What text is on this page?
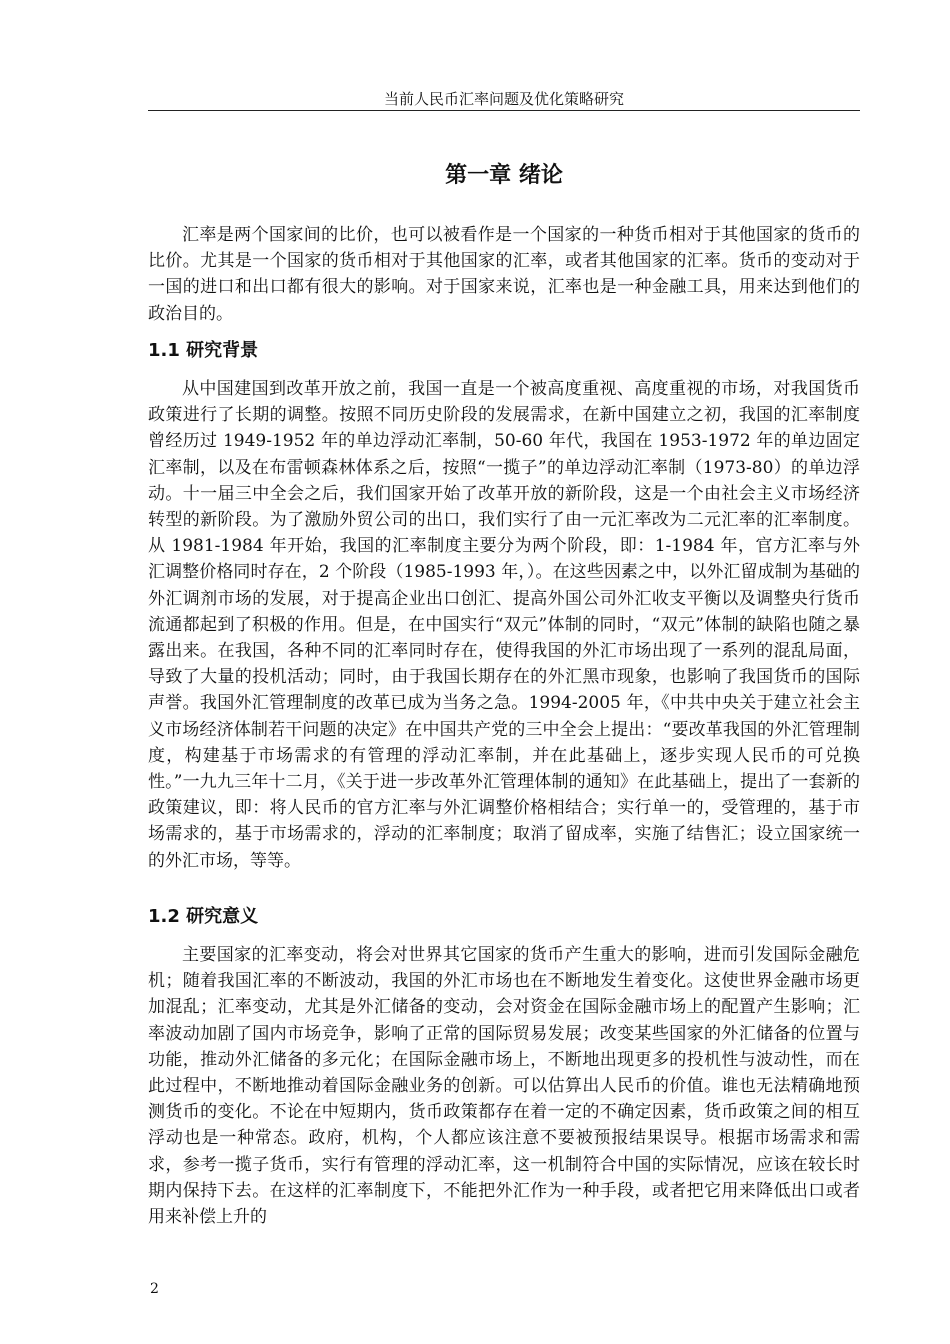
当前人民币汇率问题及优化策略研究
第一章 绪论

汇率是两个国家间的比价，也可以被看作是一个国家的一种货币相对于其他国家的货币的比价。尤其是一个国家的货币相对于其他国家的汇率，或者其他国家的汇率。货币的变动对于一国的进口和出口都有很大的影响。对于国家来说，汇率也是一种金融工具，用来达到他们的政治目的。

1.1 研究背景

从中国建国到改革开放之前，我国一直是一个被高度重视、高度重视的市场，对我国货币政策进行了长期的调整。按照不同历史阶段的发展需求，在新中国建立之初，我国的汇率制度曾经历过 1949-1952 年的单边浮动汇率制，50-60 年代，我国在 1953-1972 年的单边固定汇率制，以及在布雷顿森林体系之后，按照“一揽子”的单边浮动汇率制（1973-80）的单边浮动。十一届三中全会之后，我们国家开始了改革开放的新阶段，这是一个由社会主义市场经济转型的新阶段。为了激励外贸公司的出口，我们实行了由一元汇率改为二元汇率的汇率制度。从 1981-1984 年开始，我国的汇率制度主要分为两个阶段，即：1-1984 年，官方汇率与外汇调整价格同时存在，2 个阶段（1985-1993 年，）。在这些因素之中，以外汇留成制为基础的外汇调剂市场的发展，对于提高企业出口创汇、提高外国公司外汇收支平衡以及调整央行货币流通都起到了积极的作用。但是，在中国实行“双元”体制的同时，“双元”体制的缺陷也随之暴露出来。在我国，各种不同的汇率同时存在，使得我国的外汇市场出现了一系列的混乱局面，导致了大量的投机活动；同时，由于我国长期存在的外汇黑市现象，也影响了我国货币的国际声誉。我国外汇管理制度的改革已成为当务之急。1994-2005 年，《中共中央关于建立社会主义市场经济体制若干问题的决定》在中国共产党的三中全会上提出：“要改革我国的外汇管理制度，构建基于市场需求的有管理的浮动汇率制，并在此基础上，逐步实现人民币的可兑换性。”一九九三年十二月，《关于进一步改革外汇管理体制的通知》在此基础上，提出了一套新的政策建议，即：将人民币的官方汇率与外汇调整价格相结合；实行单一的，受管理的，基于市场需求的，基于市场需求的，浮动的汇率制度；取消了留成率，实施了结售汇；设立国家统一的外汇市场，等等。

1.2 研究意义

主要国家的汇率变动，将会对世界其它国家的货币产生重大的影响，进而引发国际金融危机；随着我国汇率的不断波动，我国的外汇市场也在不断地发生着变化。这使世界金融市场更加混乱；汇率变动，尤其是外汇储备的变动，会对资金在国际金融市场上的配置产生影响；汇率波动加剧了国内市场竞争，影响了正常的国际贸易发展；改变某些国家的外汇储备的位置与功能，推动外汇储备的多元化；在国际金融市场上，不断地出现更多的投机性与波动性，而在此过程中，不断地推动着国际金融业务的创新。可以估算出人民币的价值。谁也无法精确地预测货币的变化。不论在中短期内，货币政策都存在着一定的不确定因素，货币政策之间的相互浮动也是一种常态。政府，机构，个人都应该注意不要被预报结果误导。根据市场需求和需求，参考一揽子货币，实行有管理的浮动汇率，这一机制符合中国的实际情况，应该在较长时期内保持下去。在这样的汇率制度下，不能把外汇作为一种手段，或者把它用来降低出口或者用来补偿上升的

2
